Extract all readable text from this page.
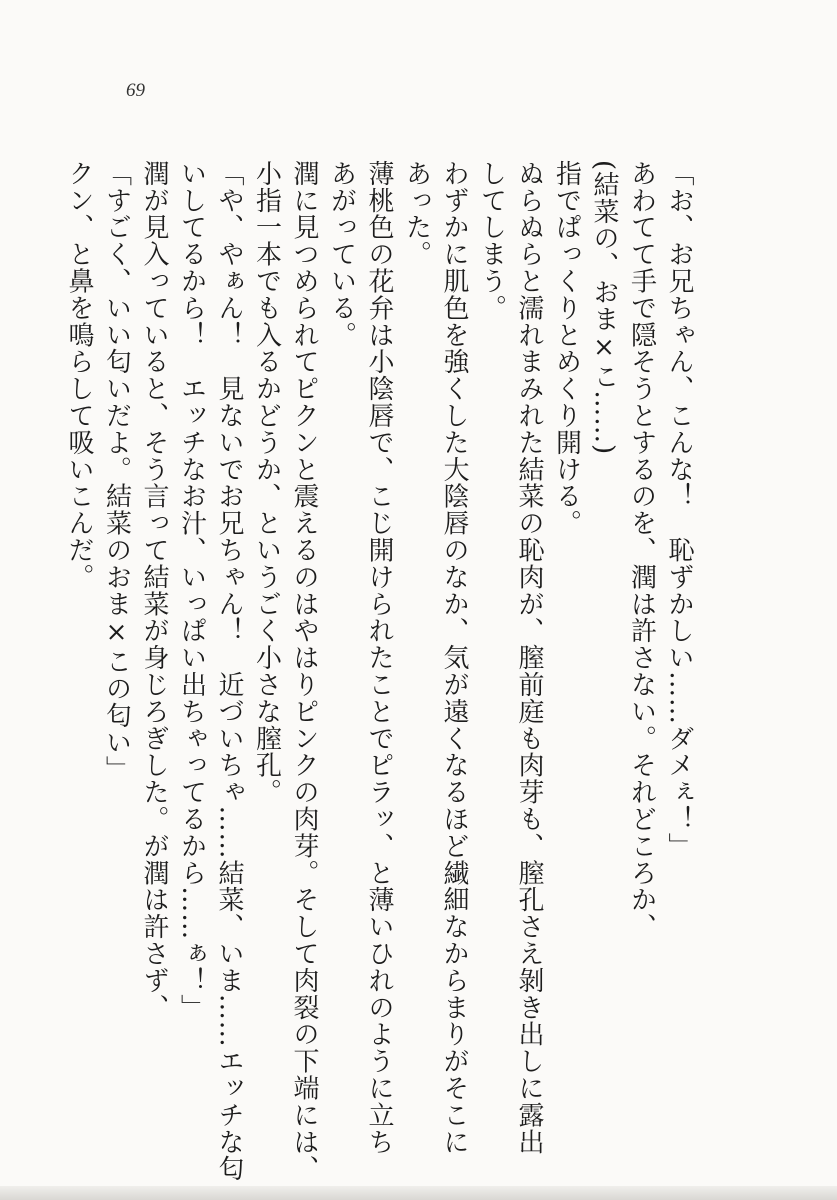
69
「お、お兄ちゃん、こんな！　恥ずかしい……ダメぇ！」
あわてて手で隠そうとするのを、潤は許さない。それどころか、
(結菜の、おま×こ……)
指でぱっくりとめくり開ける。
ぬらぬらと濡れまみれた結菜の恥肉が、膣前庭も肉芽も、膣孔さえ剝き出しに露出
してしまう。
わずかに肌色を強くした大陰唇のなか、気が遠くなるほど繊細なからまりがそこに
あった。
薄桃色の花弁は小陰唇で、こじ開けられたことでピラッ、と薄いひれのように立ち
あがっている。
潤に見つめられてピクンと震えるのはやはりピンクの肉芽。そして肉裂の下端には、
小指一本でも入るかどうか、というごく小さな膣孔。
「や、やぁん！　見ないでお兄ちゃん！　近づいちゃ……結菜、いま……エッチな匂
いしてるから！　エッチなお汁、いっぱい出ちゃってるから……ぁ！」
潤が見入っていると、そう言って結菜が身じろぎした。が潤は許さず、
「すごく、いい匂いだよ。結菜のおま×この匂い」
クン、と鼻を鳴らして吸いこんだ。
